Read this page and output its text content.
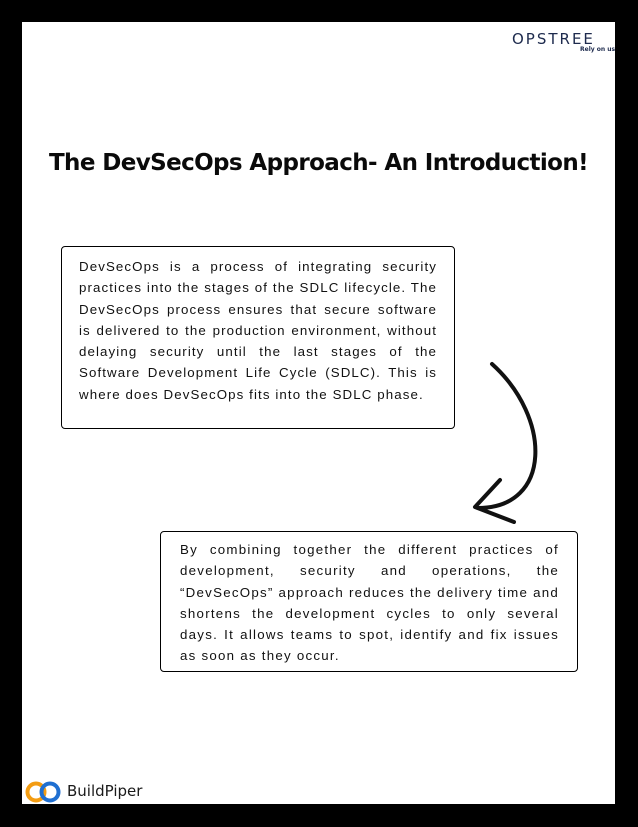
OPSTREE
Rely on us
The DevSecOps Approach- An Introduction!
DevSecOps is a process of integrating security practices into the stages of the SDLC lifecycle. The DevSecOps process ensures that secure software is delivered to the production environment, without delaying security until the last stages of the Software Development Life Cycle (SDLC). This is where does DevSecOps fits into the SDLC phase.
By combining together the different practices of development, security and operations, the “DevSecOps” approach reduces the delivery time and shortens the development cycles to only several days. It allows teams to spot, identify and fix issues as soon as they occur.
BuildPiper
